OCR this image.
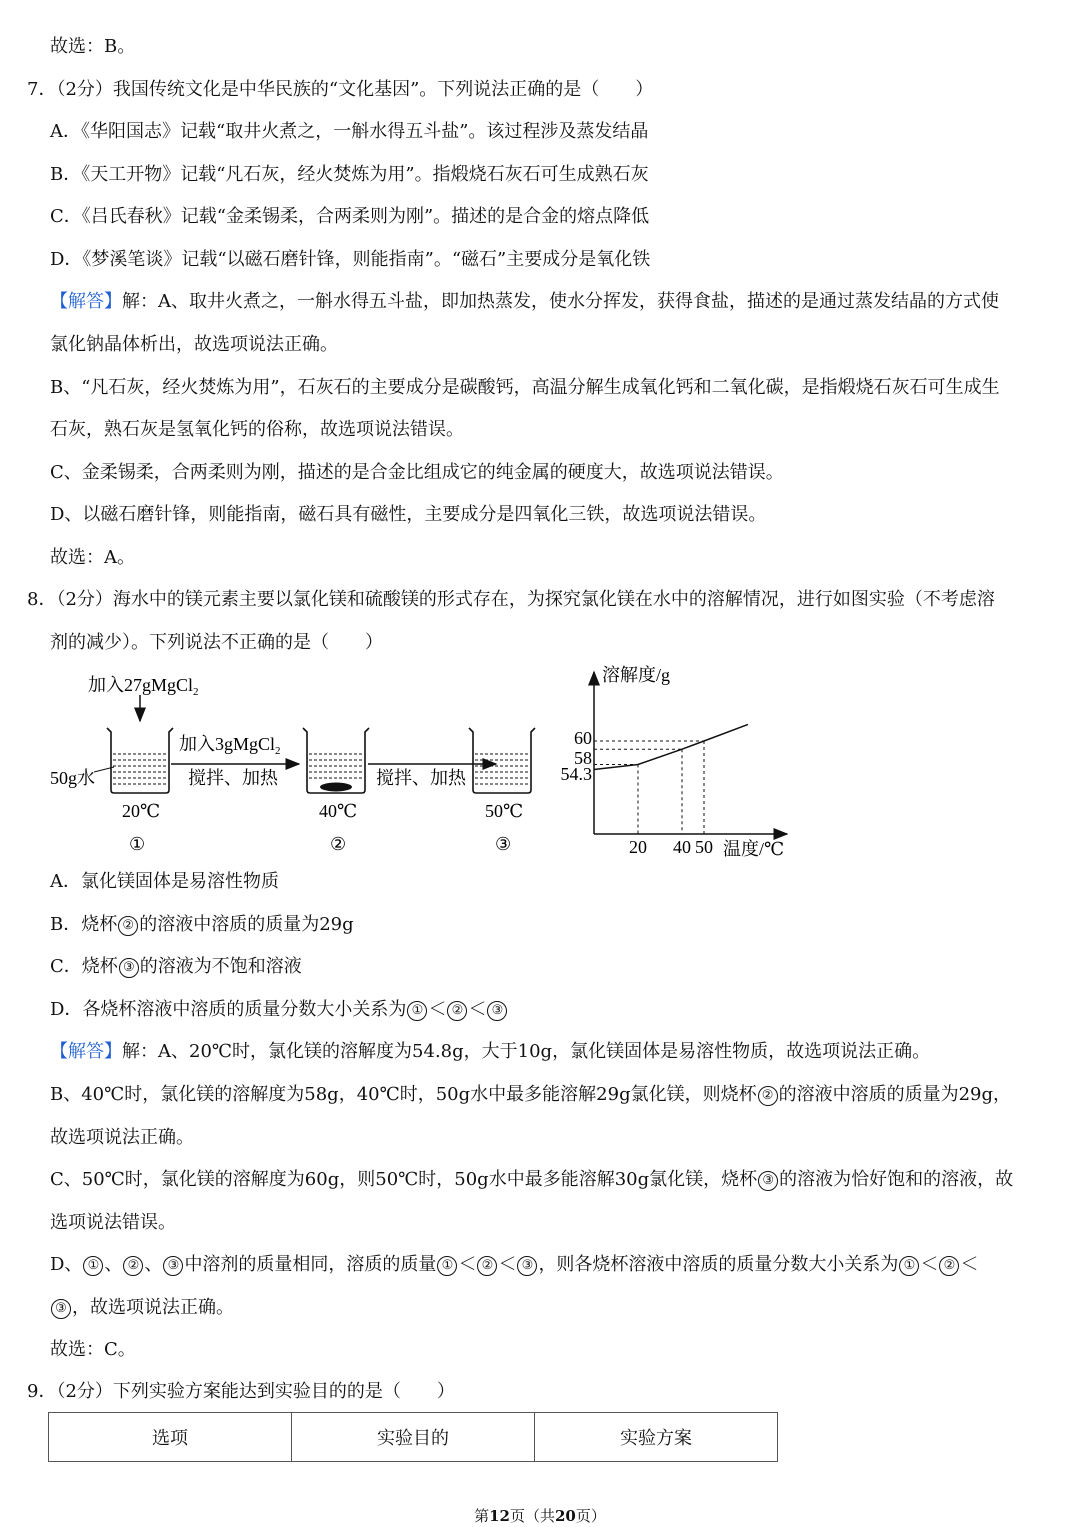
故选：B。
7．（2分）我国传统文化是中华民族的“文化基因”。下列说法正确的是（　　）
A．《华阳国志》记载“取井火煮之，一斛水得五斗盐”。该过程涉及蒸发结晶
B．《天工开物》记载“凡石灰，经火焚炼为用”。指煅烧石灰石可生成熟石灰
C．《吕氏春秋》记载“金柔锡柔，合两柔则为刚”。描述的是合金的熔点降低
D．《梦溪笔谈》记载“以磁石磨针锋，则能指南”。“磁石”主要成分是氧化铁
【解答】解：A、取井火煮之，一斛水得五斗盐，即加热蒸发，使水分挥发，获得食盐，描述的是通过蒸发结晶的方式使
氯化钠晶体析出，故选项说法正确。
B、“凡石灰，经火焚炼为用”，石灰石的主要成分是碳酸钙，高温分解生成氧化钙和二氧化碳，是指煅烧石灰石可生成生
石灰，熟石灰是氢氧化钙的俗称，故选项说法错误。
C、金柔锡柔，合两柔则为刚，描述的是合金比组成它的纯金属的硬度大，故选项说法错误。
D、以磁石磨针锋，则能指南，磁石具有磁性，主要成分是四氧化三铁，故选项说法错误。
故选：A。
8．（2分）海水中的镁元素主要以氯化镁和硫酸镁的形式存在，为探究氯化镁在水中的溶解情况，进行如图实验（不考虑溶
剂的减少）。下列说法不正确的是（　　）
加入27gMgCl$_2$
50g水
20℃
①
加入3gMgCl$_2$
搅拌、加热
40℃
②
搅拌、加热
50℃
③
溶解度/g
温度/℃
20 40 50
54.3
58
60
A．氯化镁固体是易溶性物质
B．烧杯 ② 的溶液中溶质的质量为29g
C．烧杯 ③ 的溶液为不饱和溶液
D．各烧杯溶液中溶质的质量分数大小关系为 ① ＜ ② ＜ ③
【解答】解：A、20℃时，氯化镁的溶解度为54.8g，大于10g，氯化镁固体是易溶性物质，故选项说法正确。
B、40℃时，氯化镁的溶解度为58g，40℃时，50g水中最多能溶解29g氯化镁，则烧杯 ② 的溶液中溶质的质量为29g，
故选项说法正确。
C、50℃时，氯化镁的溶解度为60g，则50℃时，50g水中最多能溶解30g氯化镁，烧杯 ③ 的溶液为恰好饱和的溶液，故
选项说法错误。
D、 ① 、 ② 、 ③ 中溶剂的质量相同，溶质的质量 ① ＜ ② ＜ ③ ，则各烧杯溶液中溶质的质量分数大小关系为 ① ＜ ② ＜
③ ，故选项说法正确。
故选：C。
9．（2分）下列实验方案能达到实验目的的是（　　）
选项	实验目的	实验方案
第12页（共20页）
